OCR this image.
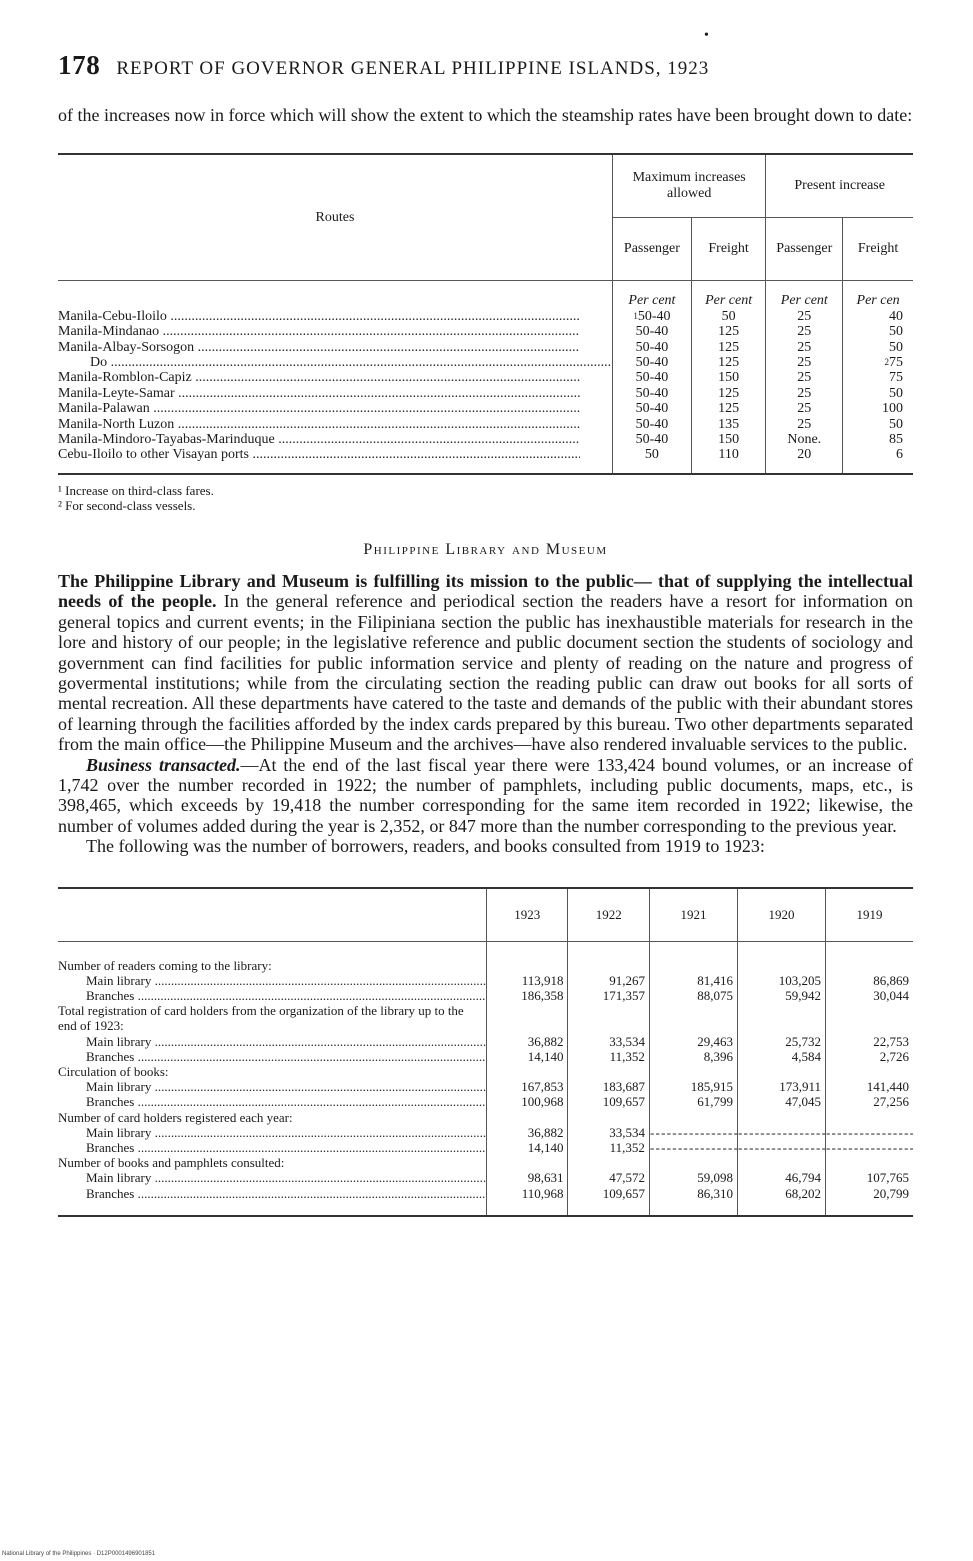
178 REPORT OF GOVERNOR GENERAL PHILIPPINE ISLANDS, 1923

of the increases now in force which will show the extent to which the steamship rates have been brought down to date:

Routes	Maximum increases allowed		Present increase	

	Passenger	Freight	Passenger	Freight
	Per cent	Per cent	Per cent	Per cen

Manila-Cebu-Iloilo .....	$^1$50-40	50	25	40

Manila-Mindanao .....	50-40	125	25	50

Manila-Albay-Sorsogon .....	50-40	125	25	50

Do .....	50-40	125	25	$^2$75

Manila-Romblon-Capiz .....	50-40	150	25	75

Manila-Leyte-Samar .....	50-40	125	25	50

Manila-Palawan .....	50-40	125	25	100

Manila-North Luzon .....	50-40	135	25	50

Manila-Mindoro-Tayabas-Marinduque .....	50-40	150	None.	85

Cebu-Iloilo to other Visayan ports .....	50	110	20	6
¹ Increase on third-class fares.
² For second-class vessels.
Philippine Library and Museum

The Philippine Library and Museum is fulfilling its mission to the public— that of supplying the intellectual needs of the people. In the general reference and periodical section the readers have a resort for information on general topics and current events; in the Filipiniana section the public has inexhaustible materials for research in the lore and history of our people; in the legislative reference and public document section the students of sociology and government can find facilities for public information service and plenty of reading on the nature and progress of govermental institutions; while from the circulating section the reading public can draw out books for all sorts of mental recreation. All these departments have catered to the taste and demands of the public with their abundant stores of learning through the facilities afforded by the index cards prepared by this bureau. Two other departments separated from the main office—the Philippine Museum and the archives—have also rendered invaluable services to the public.

Business transacted.—At the end of the last fiscal year there were 133,424 bound volumes, or an increase of 1,742 over the number recorded in 1922; the number of pamphlets, including public documents, maps, etc., is 398,465, which exceeds by 19,418 the number corresponding for the same item recorded in 1922; likewise, the number of volumes added during the year is 2,352, or 847 more than the number corresponding to the previous year.

The following was the number of borrowers, readers, and books consulted from 1919 to 1923:

	1923	1922	1921	1920	1919
Number of readers coming to the library:					

Main library .....	113,918	91,267	81,416	103,205	86,869

Branches .....	186,358	171,357	88,075	59,942	30,044
Total registration of card holders from the organization of the library up to the end of 1923:					

Main library .....	36,882	33,534	29,463	25,732	22,753

Branches .....	14,140	11,352	8,396	4,584	2,726
Circulation of books:					

Main library .....	167,853	183,687	185,915	173,911	141,440

Branches .....	100,968	109,657	61,799	47,045	27,256
Number of card holders registered each year:					

Main library .....	36,882	33,534	- - -	- - -	- - -

Branches .....	14,140	11,352	- - -	- - -	- - -
Number of books and pamphlets consulted:					

Main library .....	98,631	47,572	59,098	46,794	107,765

Branches .....	110,968	109,657	86,310	68,202	20,799
•
National Library of the Philippines · D12P0001496901851
